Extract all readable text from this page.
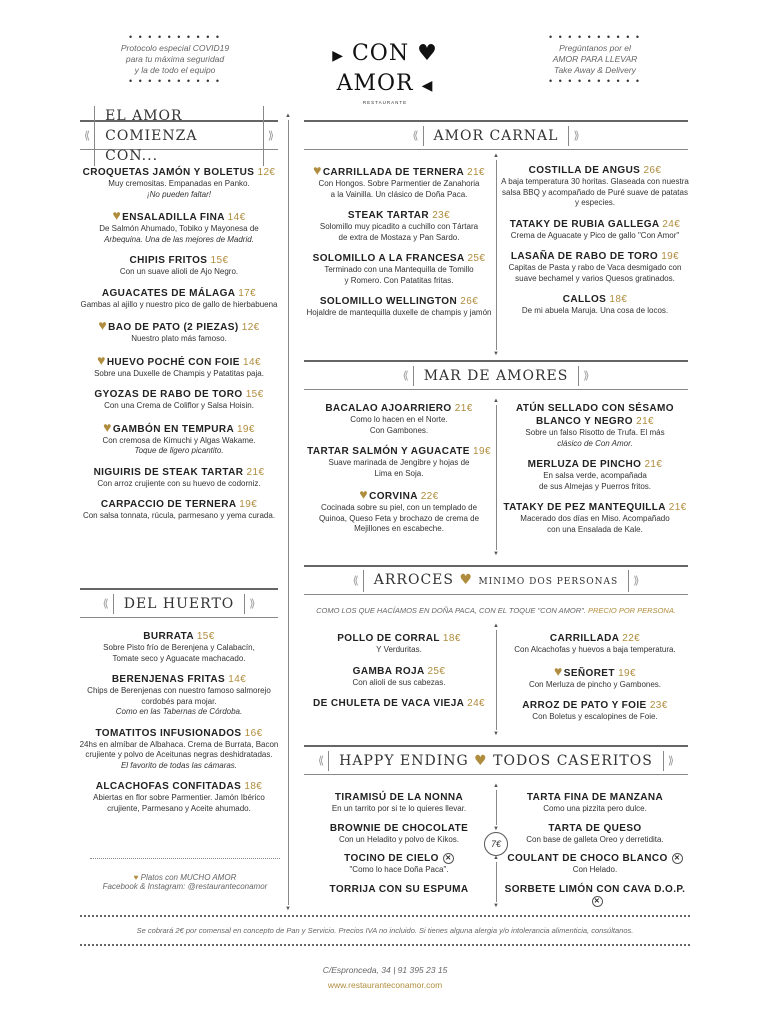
• • • • • • • • • •
Protocolo especial COVID19
para tu máxima seguridad
y la de todo el equipo
• • • • • • • • • •
▶ CON ♥ AMOR ◀
RESTAURANTE
• • • • • • • • • •
Pregúntanos por el
AMOR PARA LLEVAR
Take Away & Delivery
• • • • • • • • • •
⟪
EL AMOR COMIENZA CON...
⟫	⟪	AMOR CARNAL	⟫
⟪	MAR DE AMORES	⟫
⟪	ARROCES ♥ MINIMO DOS PERSONAS	⟫
⟪	HAPPY ENDING ♥ TODOS CASERITOS	⟫
⟪	DEL HUERTO	⟫
▲ ▼
▲ ▼
▲ ▼
▲ ▼
▲ ▼
▲ ▼
CROQUETAS JAMÓN Y BOLETUS 12€
Muy cremositas. Empanadas en Panko.
¡No pueden faltar!
♥ENSALADILLA FINA 14€
De Salmón Ahumado, Tobiko y Mayonesa de
Arbequina. Una de las mejores de Madrid.
CHIPIS FRITOS 15€
Con un suave alioli de Ajo Negro.
AGUACATES DE MÁLAGA 17€
Gambas al ajillo y nuestro pico de gallo de hierbabuena
♥BAO DE PATO (2 PIEZAS) 12€
Nuestro plato más famoso.
♥HUEVO POCHÉ CON FOIE 14€
Sobre una Duxelle de Champis y Patatitas paja.
GYOZAS DE RABO DE TORO 15€
Con una Crema de Coliflor y Salsa Hoisin.
♥GAMBÓN EN TEMPURA 19€
Con cremosa de Kimuchi y Algas Wakame.
Toque de ligero picantito.
NIGUIRIS DE STEAK TARTAR 21€
Con arroz crujiente con su huevo de codorniz.
CARPACCIO DE TERNERA 19€
Con salsa tonnata, rúcula, parmesano y yema curada.
BURRATA 15€
Sobre Pisto frío de Berenjena y Calabacín,
Tomate seco y Aguacate machacado.
BERENJENAS FRITAS 14€
Chips de Berenjenas con nuestro famoso salmorejo cordobés para mojar.
Como en las Tabernas de Córdoba.
TOMATITOS INFUSIONADOS 16€
24hs en almíbar de Albahaca. Crema de Burrata, Bacon crujiente y polvo de Aceitunas negras deshidratadas.
El favorito de todas las cámaras.
ALCACHOFAS CONFITADAS 18€
Abiertas en flor sobre Parmentier. Jamón Ibérico crujiente, Parmesano y Aceite ahumado.
♥ Platos con MUCHO AMOR
Facebook & Instagram: @restauranteconamor
♥CARRILLADA DE TERNERA 21€
Con Hongos. Sobre Parmentier de Zanahoria
a la Vainilla. Un clásico de Doña Paca.
STEAK TARTAR 23€
Solomillo muy picadito a cuchillo con Tártara
de extra de Mostaza y Pan Sardo.
SOLOMILLO A LA FRANCESA 25€
Terminado con una Mantequilla de Tomillo
y Romero. Con Patatitas fritas.
SOLOMILLO WELLINGTON 26€
Hojaldre de mantequilla duxelle de champis y jamón
COSTILLA DE ANGUS 26€
A baja temperatura 30 horitas. Glaseada con nuestra salsa BBQ y acompañado de Puré suave de patatas y especies.
TATAKY DE RUBIA GALLEGA 24€
Crema de Aguacate y Pico de gallo "Con Amor"
LASAÑA DE RABO DE TORO 19€
Capitas de Pasta y rabo de Vaca desmigado con suave bechamel y varios Quesos gratinados.
CALLOS 18€
De mi abuela Maruja. Una cosa de locos.
BACALAO AJOARRIERO 21€
Como lo hacen en el Norte.
Con Gambones.
TARTAR SALMÓN Y AGUACATE 19€
Suave marinada de Jengibre y hojas de
Lima en Soja.
♥CORVINA 22€
Cocinada sobre su piel, con un templado de Quinoa, Queso Feta y brochazo de crema de Mejillones en escabeche.
ATÚN SELLADO CON SÉSAMO BLANCO Y NEGRO 21€
Sobre un falso Risotto de Trufa. El más
clásico de Con Amor.
MERLUZA DE PINCHO 21€
En salsa verde, acompañada
de sus Almejas y Puerros fritos.
TATAKY DE PEZ MANTEQUILLA 21€
Macerado dos días en Miso. Acompañado
con una Ensalada de Kale.
COMO LOS QUE HACÍAMOS EN DOÑA PACA, CON EL TOQUE "CON AMOR". PRECIO POR PERSONA.
POLLO DE CORRAL 18€
Y Verduritas.
GAMBA ROJA 25€
Con alioli de sus cabezas.
DE CHULETA DE VACA VIEJA 24€
CARRILLADA 22€
Con Alcachofas y huevos a baja temperatura.
♥SEÑORET 19€
Con Merluza de pincho y Gambones.
ARROZ DE PATO Y FOIE 23€
Con Boletus y escalopines de Foie.
TIRAMISÚ DE LA NONNA
En un tarrito por si te lo quieres llevar.
BROWNIE DE CHOCOLATE
Con un Heladito y polvo de Kikos.
TOCINO DE CIELO ✕
"Como lo hace Doña Paca".
TORRIJA CON SU ESPUMA
7€
TARTA FINA DE MANZANA
Como una pizzita pero dulce.
TARTA DE QUESO
Con base de galleta Oreo y derretidita.
COULANT DE CHOCO BLANCO ✕
Con Helado.
SORBETE LIMÓN CON CAVA D.O.P.✕
Se cobrará 2€ por comensal en concepto de Pan y Servicio. Precios IVA no incluido. Si tienes alguna alergia y/o intolerancia alimenticia, consúltanos.
C/Espronceda, 34 | 91 395 23 15
www.restauranteconamor.com
